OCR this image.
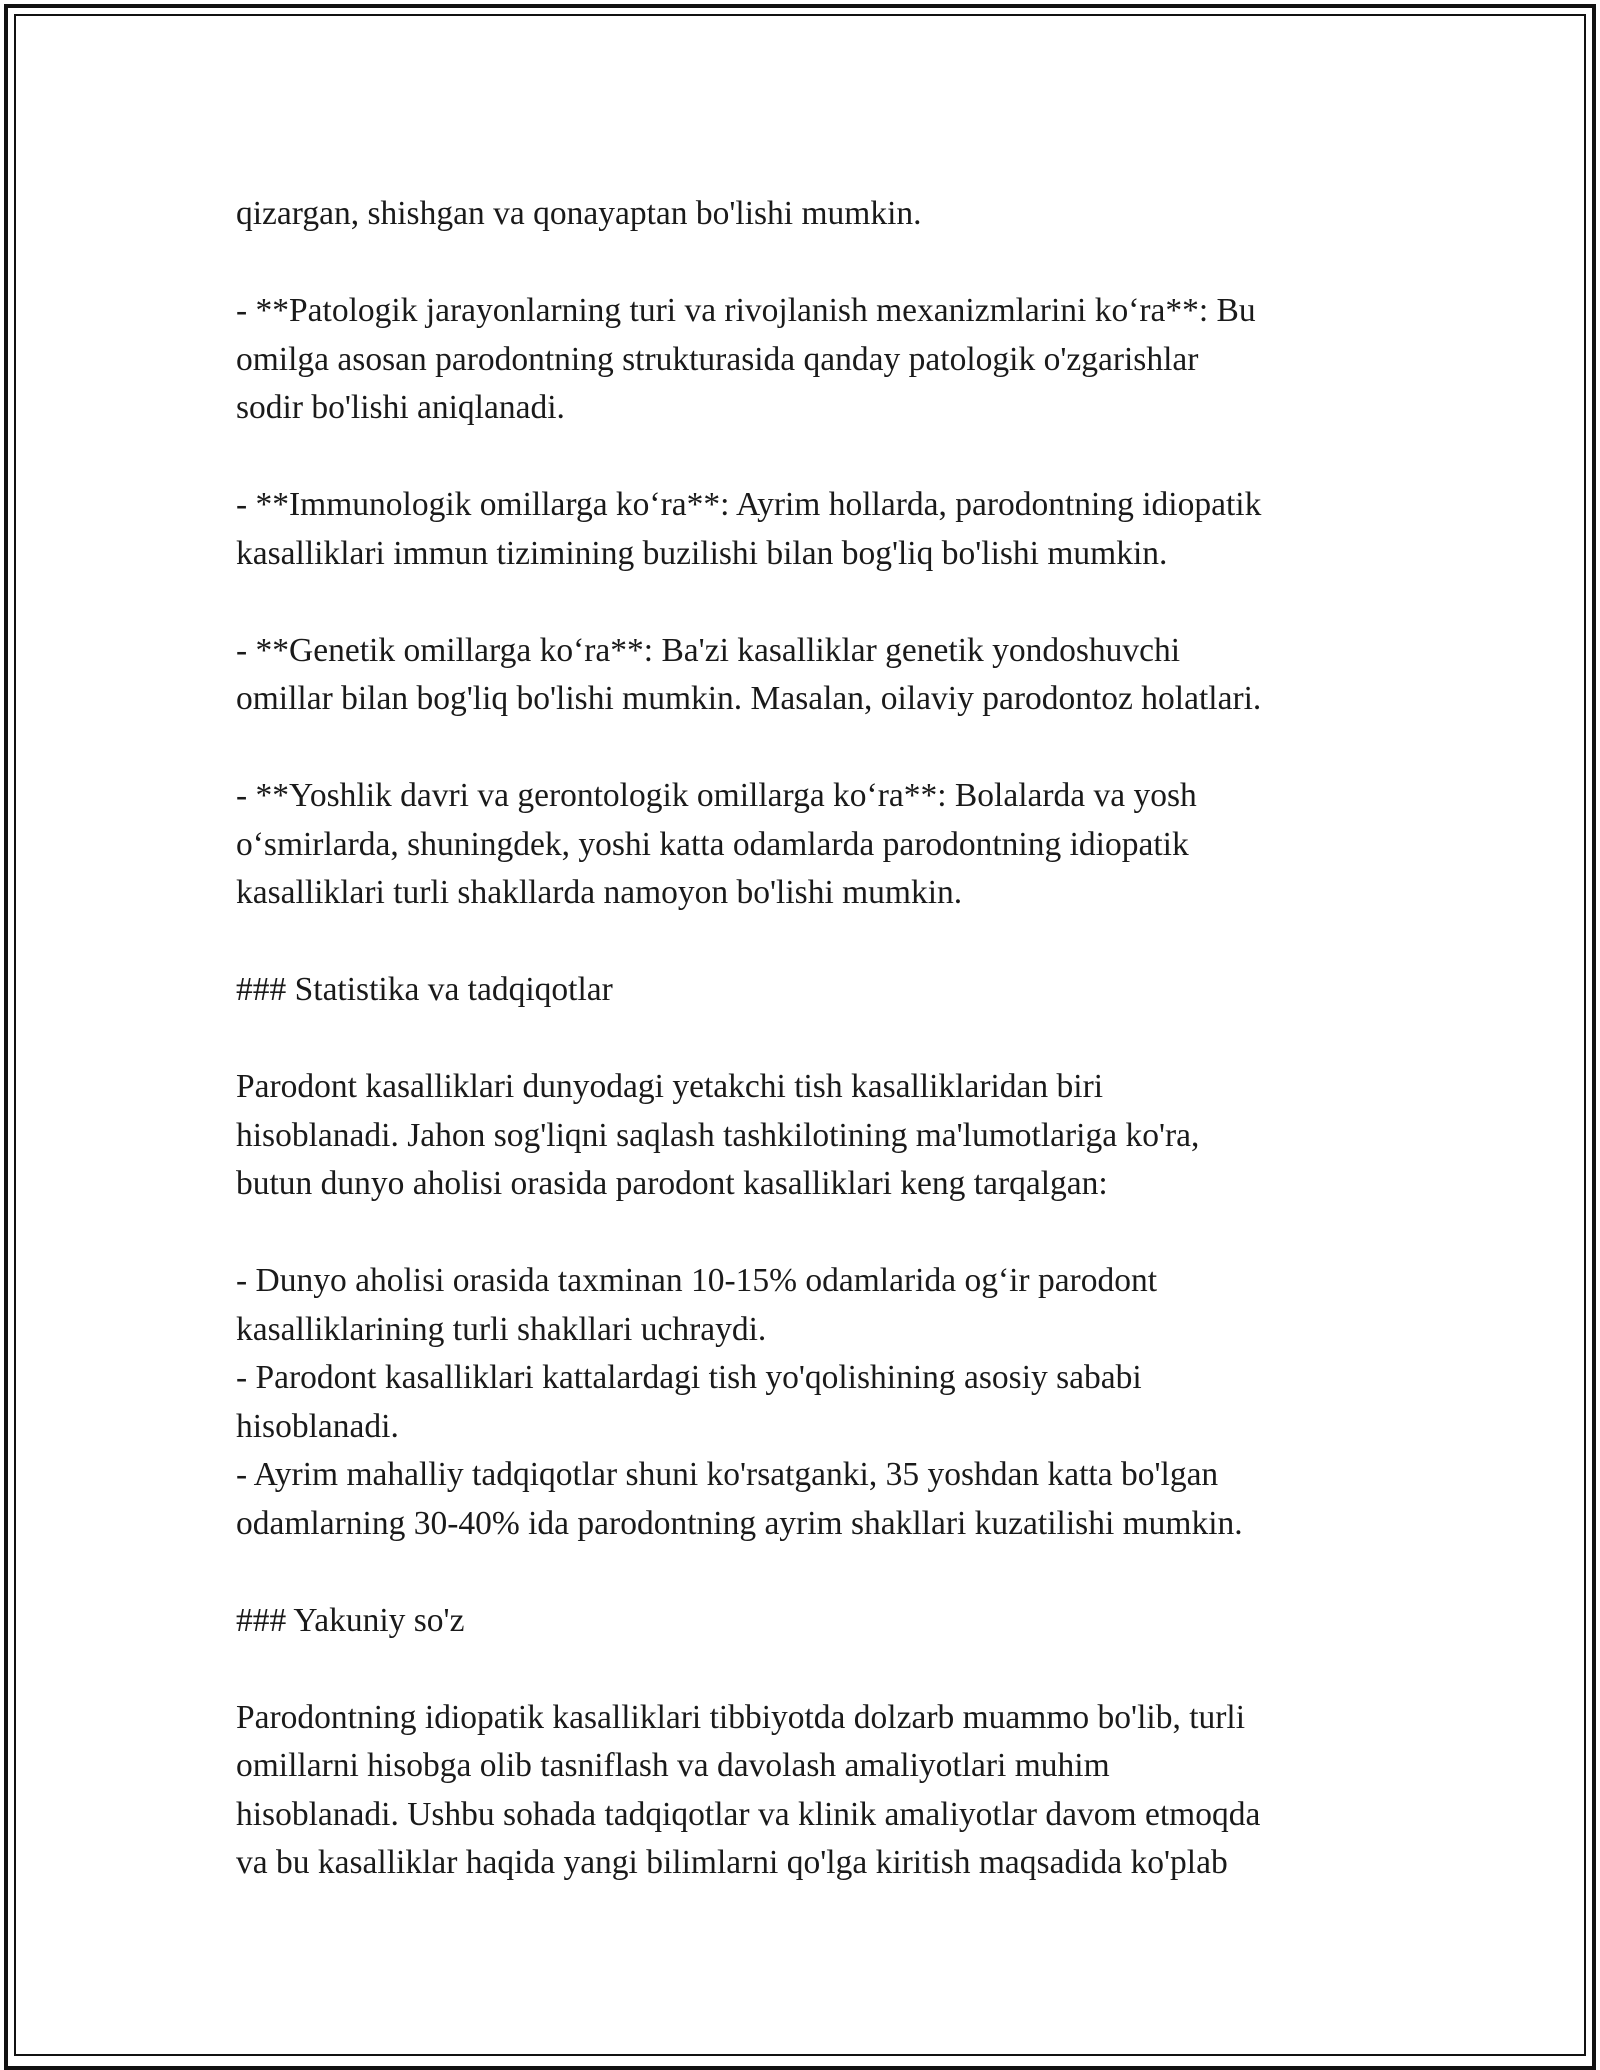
qizargan, shishgan va qonayaptan bo'lishi mumkin.

- **Patologik jarayonlarning turi va rivojlanish mexanizmlarini ko‘ra**: Bu
omilga asosan parodontning strukturasida qanday patologik o'zgarishlar
sodir bo'lishi aniqlanadi.

- **Immunologik omillarga ko‘ra**: Ayrim hollarda, parodontning idiopatik
kasalliklari immun tizimining buzilishi bilan bog'liq bo'lishi mumkin.

- **Genetik omillarga ko‘ra**: Ba'zi kasalliklar genetik yondoshuvchi
omillar bilan bog'liq bo'lishi mumkin. Masalan, oilaviy parodontoz holatlari.

- **Yoshlik davri va gerontologik omillarga ko‘ra**: Bolalarda va yosh
o‘smirlarda, shuningdek, yoshi katta odamlarda parodontning idiopatik
kasalliklari turli shakllarda namoyon bo'lishi mumkin.

### Statistika va tadqiqotlar

Parodont kasalliklari dunyodagi yetakchi tish kasalliklaridan biri
hisoblanadi. Jahon sog'liqni saqlash tashkilotining ma'lumotlariga ko'ra,
butun dunyo aholisi orasida parodont kasalliklari keng tarqalgan:

- Dunyo aholisi orasida taxminan 10-15% odamlarida og‘ir parodont
kasalliklarining turli shakllari uchraydi.
- Parodont kasalliklari kattalardagi tish yo'qolishining asosiy sababi
hisoblanadi.
- Ayrim mahalliy tadqiqotlar shuni ko'rsatganki, 35 yoshdan katta bo'lgan
odamlarning 30-40% ida parodontning ayrim shakllari kuzatilishi mumkin.

### Yakuniy so'z

Parodontning idiopatik kasalliklari tibbiyotda dolzarb muammo bo'lib, turli
omillarni hisobga olib tasniflash va davolash amaliyotlari muhim
hisoblanadi. Ushbu sohada tadqiqotlar va klinik amaliyotlar davom etmoqda
va bu kasalliklar haqida yangi bilimlarni qo'lga kiritish maqsadida ko'plab
